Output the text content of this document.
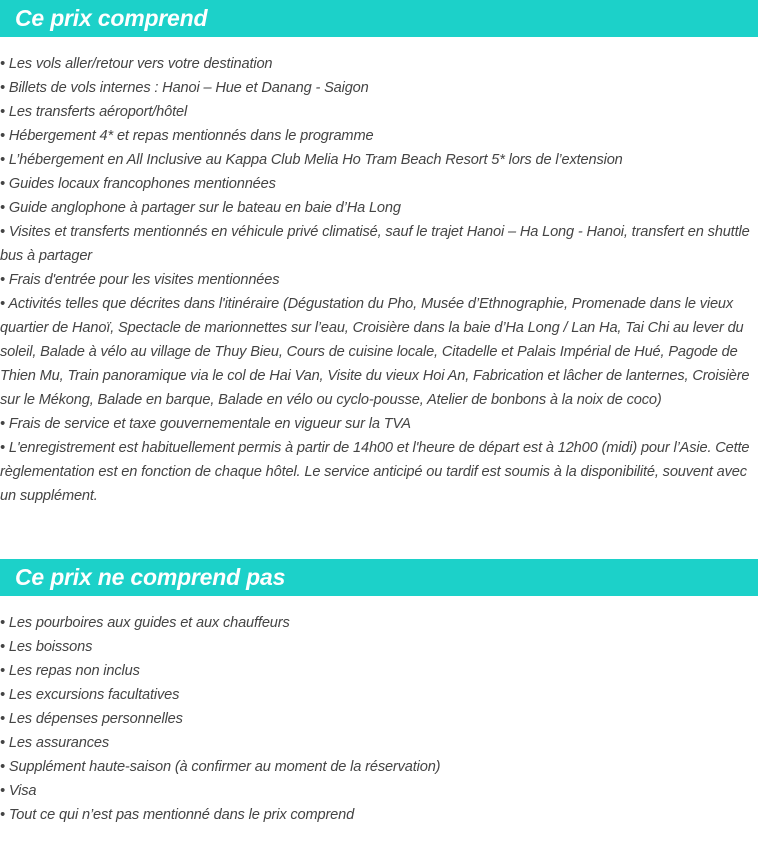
Ce prix comprend
• Les vols aller/retour vers votre destination
• Billets de vols internes : Hanoi – Hue et Danang - Saigon
• Les transferts aéroport/hôtel
• Hébergement 4* et repas mentionnés dans le programme
• L’hébergement en All Inclusive au Kappa Club Melia Ho Tram Beach Resort 5* lors de l’extension
• Guides locaux francophones mentionnées
• Guide anglophone à partager sur le bateau en baie d’Ha Long
• Visites et transferts mentionnés en véhicule privé climatisé, sauf le trajet Hanoi – Ha Long - Hanoi, transfert en shuttle bus à partager
• Frais d'entrée pour les visites mentionnées
• Activités telles que décrites dans l'itinéraire (Dégustation du Pho, Musée d’Ethnographie, Promenade dans le vieux quartier de Hanoï, Spectacle de marionnettes sur l’eau, Croisière dans la baie d’Ha Long / Lan Ha, Tai Chi au lever du soleil, Balade à vélo au village de Thuy Bieu, Cours de cuisine locale, Citadelle et Palais Impérial de Hué, Pagode de Thien Mu, Train panoramique via le col de Hai Van, Visite du vieux Hoi An, Fabrication et lâcher de lanternes, Croisière sur le Mékong, Balade en barque, Balade en vélo ou cyclo-pousse, Atelier de bonbons à la noix de coco)
• Frais de service et taxe gouvernementale en vigueur sur la TVA
• L'enregistrement est habituellement permis à partir de 14h00 et l'heure de départ est à 12h00 (midi) pour l’Asie. Cette règlementation est en fonction de chaque hôtel. Le service anticipé ou tardif est soumis à la disponibilité, souvent avec un supplément.
Ce prix ne comprend pas
• Les pourboires aux guides et aux chauffeurs
• Les boissons
• Les repas non inclus
• Les excursions facultatives
• Les dépenses personnelles
• Les assurances
• Supplément haute-saison (à confirmer au moment de la réservation)
• Visa
• Tout ce qui n’est pas mentionné dans le prix comprend
